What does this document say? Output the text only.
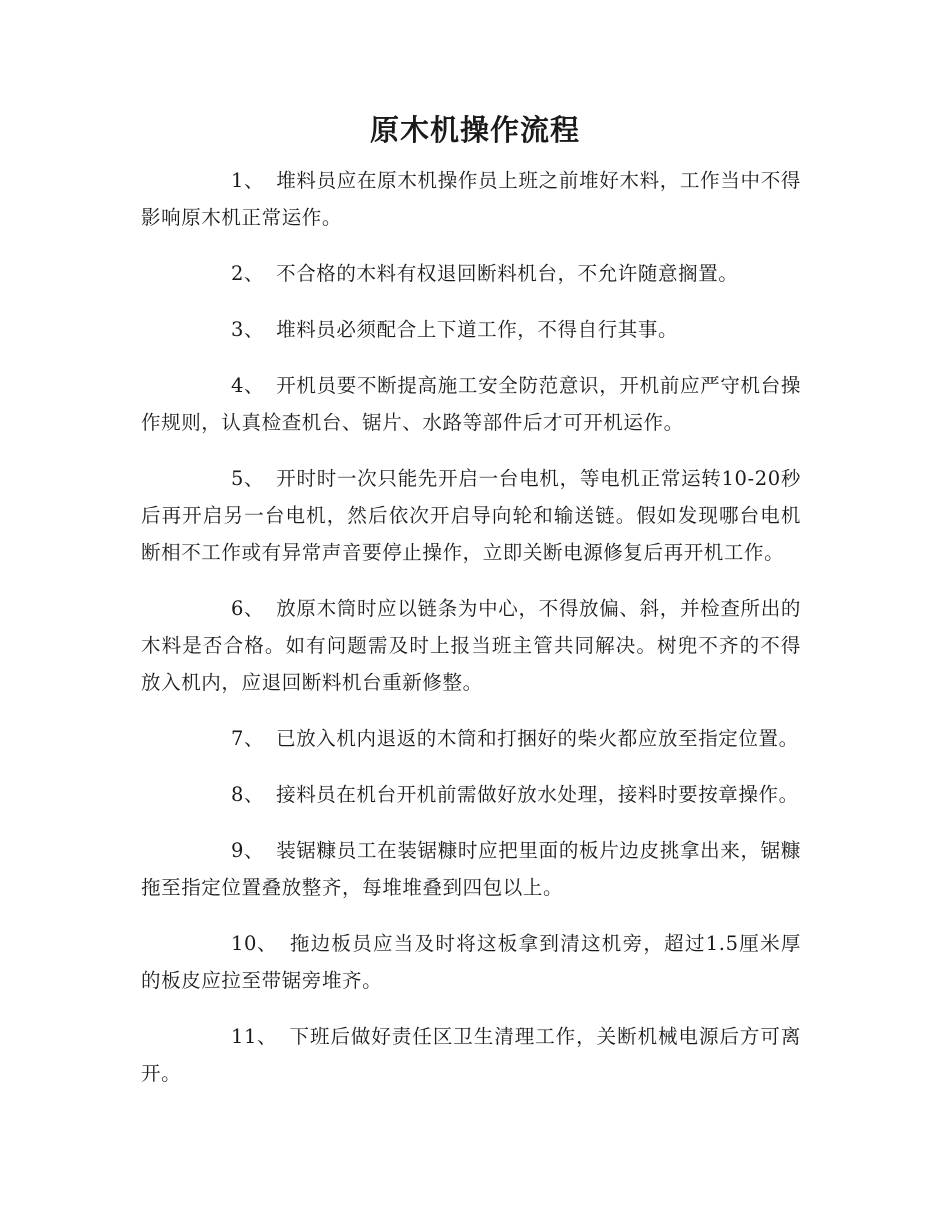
原木机操作流程

1、 堆料员应在原木机操作员上班之前堆好木料，工作当中不得影响原木机正常运作。

2、 不合格的木料有权退回断料机台，不允许随意搁置。

3、 堆料员必须配合上下道工作，不得自行其事。

4、 开机员要不断提高施工安全防范意识，开机前应严守机台操作规则，认真检查机台、锯片、水路等部件后才可开机运作。

5、 开时时一次只能先开启一台电机，等电机正常运转10-20秒后再开启另一台电机，然后依次开启导向轮和输送链。假如发现哪台电机断相不工作或有异常声音要停止操作，立即关断电源修复后再开机工作。

6、 放原木筒时应以链条为中心，不得放偏、斜，并检查所出的木料是否合格。如有问题需及时上报当班主管共同解决。树兜不齐的不得放入机内，应退回断料机台重新修整。

7、 已放入机内退返的木筒和打捆好的柴火都应放至指定位置。

8、 接料员在机台开机前需做好放水处理，接料时要按章操作。

9、 装锯糠员工在装锯糠时应把里面的板片边皮挑拿出来，锯糠拖至指定位置叠放整齐，每堆堆叠到四包以上。

10、 拖边板员应当及时将这板拿到清这机旁，超过1.5厘米厚的板皮应拉至带锯旁堆齐。

11、 下班后做好责任区卫生清理工作，关断机械电源后方可离开。
